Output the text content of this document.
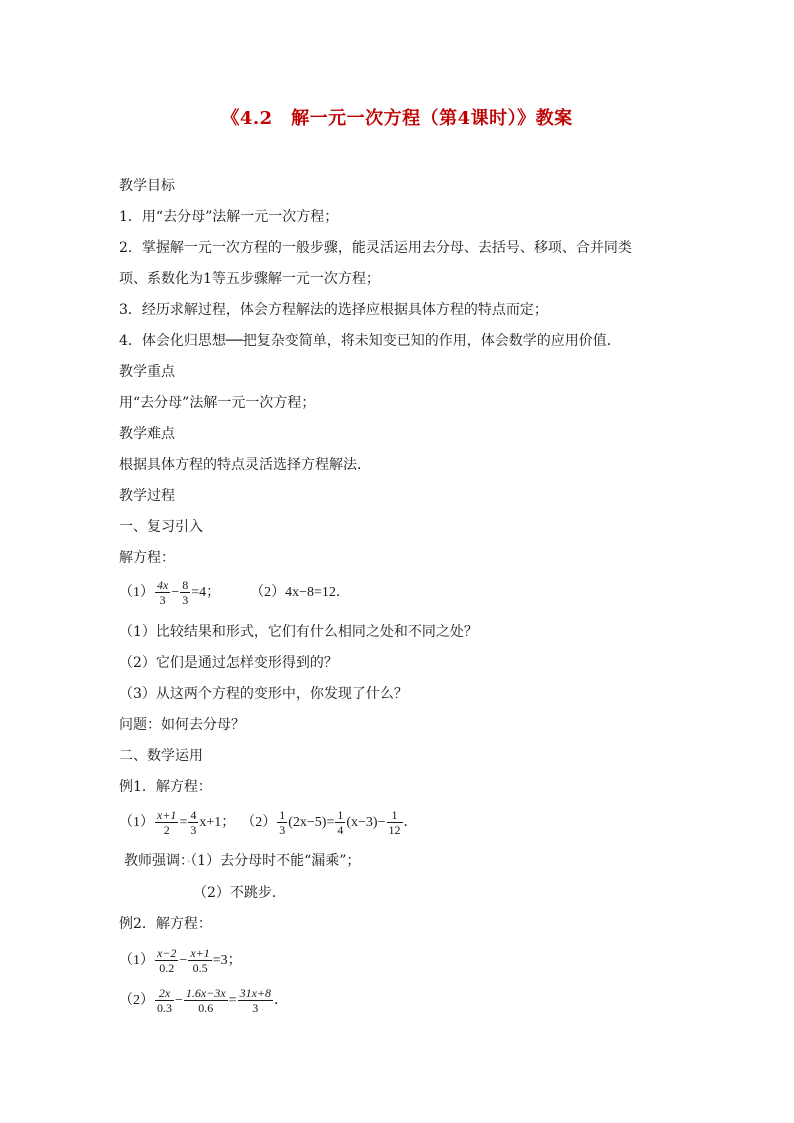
《4.2　解一元一次方程（第4课时）》教案
教学目标
1．用“去分母”法解一元一次方程；
2．掌握解一元一次方程的一般步骤，能灵活运用去分母、去括号、移项、合并同类
项、系数化为1等五步骤解一元一次方程；
3．经历求解过程，体会方程解法的选择应根据具体方程的特点而定；
4．体会化归思想──把复杂变简单，将未知变已知的作用，体会数学的应用价值．
教学重点
用“去分母”法解一元一次方程；
教学难点
根据具体方程的特点灵活选择方程解法．
教学过程
一、复习引入
解方程：
$(1) \frac{4x}{3} - \frac{8}{3} =4$； （2）4x−8=12．
（1）比较结果和形式，它们有什么相同之处和不同之处？
（2）它们是通过怎样变形得到的？
（3）从这两个方程的变形中，你发现了什么？
问题：如何去分母？
二、数学运用
例1．解方程：
$(1) \frac{x+1}{2} = \frac{4}{3} x+1$； $(2) \frac{1}{3} (2x-5)= \frac{1}{4} (x-3)- \frac{1}{12}$ ．
教师强调：·（1）去分母时不能“漏乘”；
（2）不跳步．
例2．解方程：
$(1) \frac{x-2}{0.2} - \frac{x+1}{0.5} =3$；
$(2) \frac{2x}{0.3} - \frac{1.6x-3x}{0.6} = \frac{31x+8}{3}$ ．
